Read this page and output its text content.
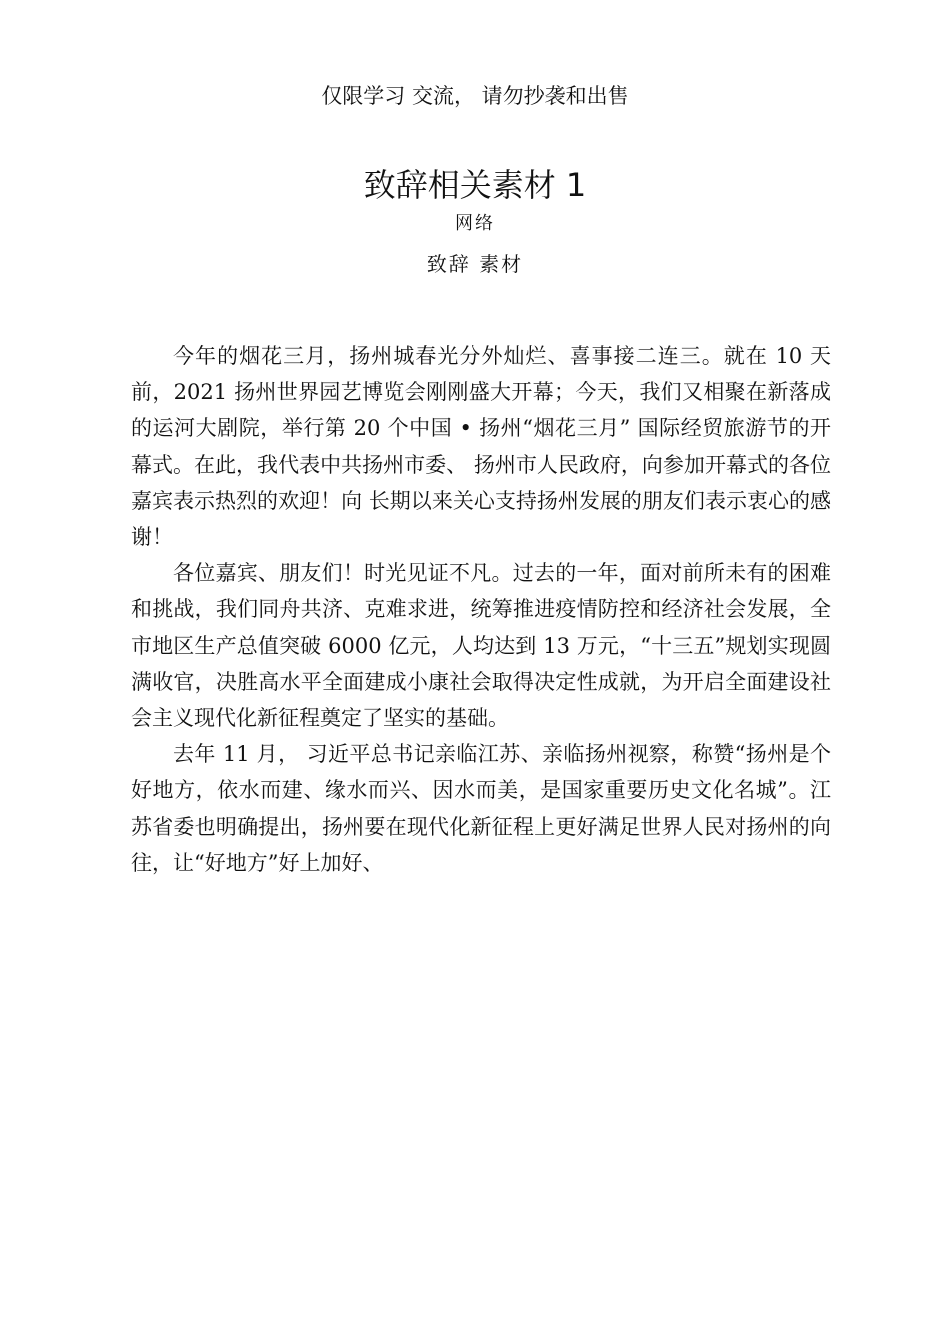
仅限学习 交流， 请勿抄袭和出售
致辞相关素材 1
网络
致辞 素材

今年的烟花三月，扬州城春光分外灿烂、喜事接二连三。就在 10 天前，2021 扬州世界园艺博览会刚刚盛大开幕；今天，我们又相聚在新落成的运河大剧院，举行第 20 个中国 • 扬州“烟花三月” 国际经贸旅游节的开幕式。在此，我代表中共扬州市委、 扬州市人民政府，向参加开幕式的各位嘉宾表示热烈的欢迎！向 长期以来关心支持扬州发展的朋友们表示衷心的感谢！

各位嘉宾、朋友们！时光见证不凡。过去的一年，面对前所未有的困难和挑战，我们同舟共济、克难求进，统筹推进疫情防控和经济社会发展，全市地区生产总值突破 6000 亿元，人均达到 13 万元，“十三五”规划实现圆满收官，决胜高水平全面建成小康社会取得决定性成就，为开启全面建设社会主义现代化新征程奠定了坚实的基础。

去年 11 月， 习近平总书记亲临江苏、亲临扬州视察，称赞“扬州是个好地方，依水而建、缘水而兴、因水而美，是国家重要历史文化名城”。江苏省委也明确提出，扬州要在现代化新征程上更好满足世界人民对扬州的向往，让“好地方”好上加好、
